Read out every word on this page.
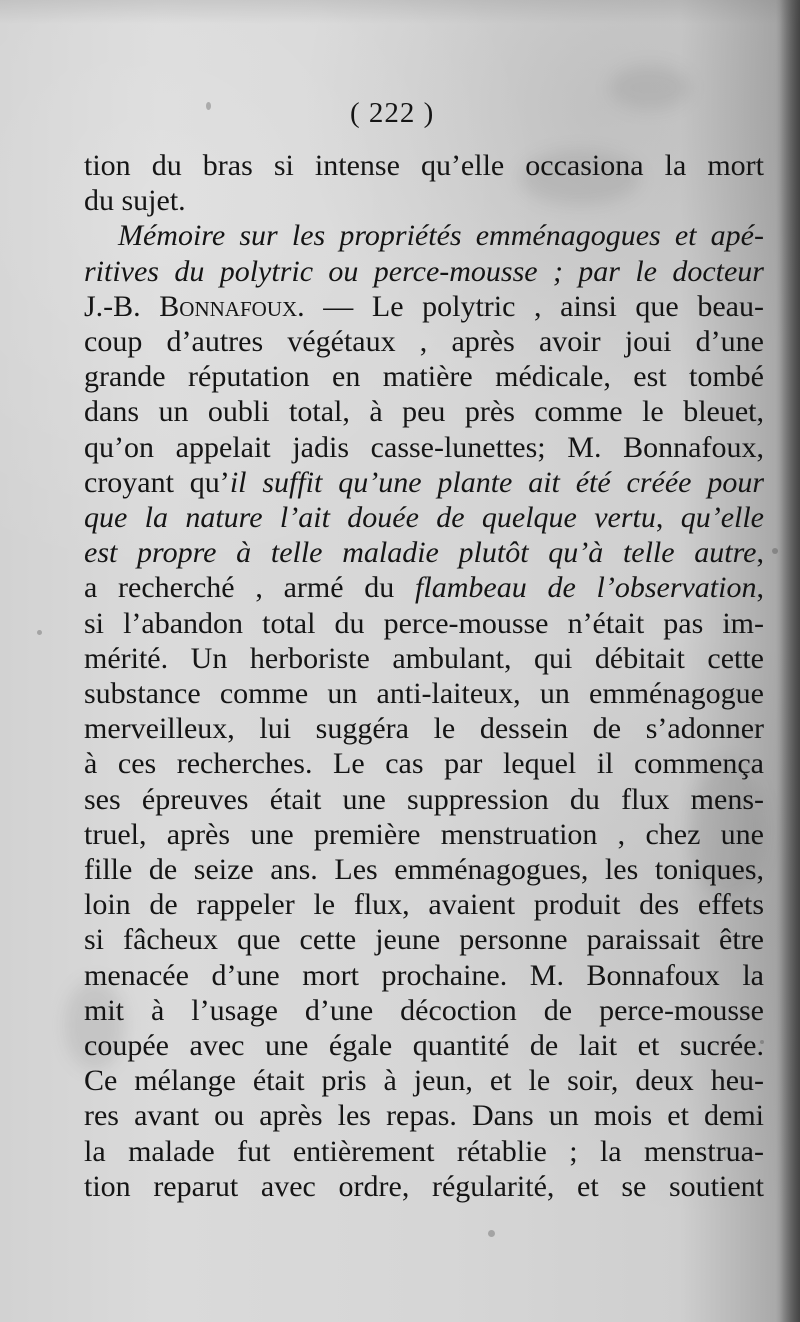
( 222 )
tion du bras si intense qu’elle occasiona la mort
du sujet.
Mémoire sur les propriétés emménagogues et apé-
ritives du polytric ou perce-mousse ; par le docteur
J.-B. Bonnafoux. — Le polytric , ainsi que beau-
coup d’autres végétaux , après avoir joui d’une
grande réputation en matière médicale, est tombé
dans un oubli total, à peu près comme le bleuet,
qu’on appelait jadis casse-lunettes; M. Bonnafoux,
croyant qu’il suffit qu’une plante ait été créée pour
que la nature l’ait douée de quelque vertu, qu’elle
est propre à telle maladie plutôt qu’à telle autre,
a recherché , armé du flambeau de l’observation,
si l’abandon total du perce-mousse n’était pas im-
mérité. Un herboriste ambulant, qui débitait cette
substance comme un anti-laiteux, un emménagogue
merveilleux, lui suggéra le dessein de s’adonner
à ces recherches. Le cas par lequel il commença
ses épreuves était une suppression du flux mens-
truel, après une première menstruation , chez une
fille de seize ans. Les emménagogues, les toniques,
loin de rappeler le flux, avaient produit des effets
si fâcheux que cette jeune personne paraissait être
menacée d’une mort prochaine. M. Bonnafoux la
mit à l’usage d’une décoction de perce-mousse
coupée avec une égale quantité de lait et sucrée.
Ce mélange était pris à jeun, et le soir, deux heu-
res avant ou après les repas. Dans un mois et demi
la malade fut entièrement rétablie ; la menstrua-
tion reparut avec ordre, régularité, et se soutient
